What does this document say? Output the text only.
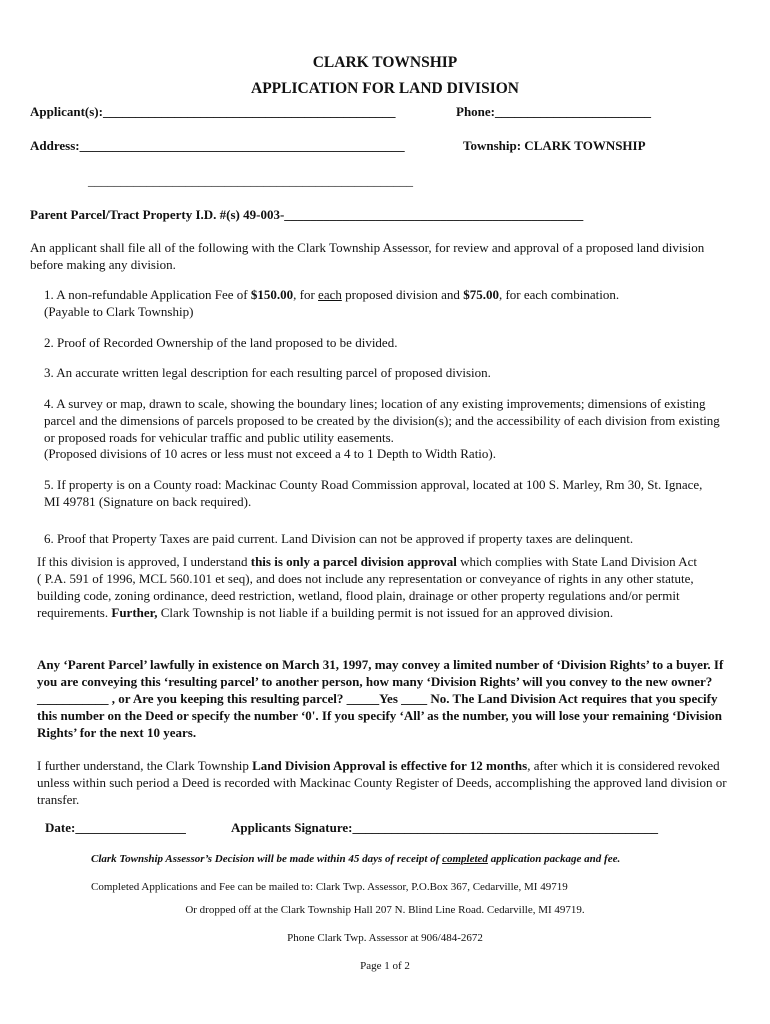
CLARK TOWNSHIP
APPLICATION FOR LAND DIVISION
Applicant(s):_____________________________________________	Phone:________________________
Address:__________________________________________________	Township: CLARK TOWNSHIP
__________________________________________________
Parent Parcel/Tract Property I.D. #(s) 49-003-______________________________________________
An applicant shall file all of the following with the Clark Township Assessor, for review and approval of a proposed land division before making any division.
1. A non-refundable Application Fee of $150.00, for each proposed division and $75.00, for each combination.
(Payable to Clark Township)
2. Proof of Recorded Ownership of the land proposed to be divided.
3. An accurate written legal description for each resulting parcel of proposed division.
4. A survey or map, drawn to scale, showing the boundary lines; location of any existing improvements; dimensions of existing parcel and the dimensions of parcels proposed to be created by the division(s); and the accessibility of each division from existing or proposed roads for vehicular traffic and public utility easements.
(Proposed divisions of 10 acres or less must not exceed a 4 to 1 Depth to Width Ratio).
5. If property is on a County road: Mackinac County Road Commission approval, located at 100 S. Marley, Rm 30, St. Ignace, MI 49781 (Signature on back required).
6. Proof that Property Taxes are paid current. Land Division can not be approved if property taxes are delinquent.
If this division is approved, I understand this is only a parcel division approval which complies with State Land Division Act ( P.A. 591 of 1996, MCL 560.101 et seq), and does not include any representation or conveyance of rights in any other statute, building code, zoning ordinance, deed restriction, wetland, flood plain, drainage or other property regulations and/or permit requirements. Further, Clark Township is not liable if a building permit is not issued for an approved division.
Any ‘Parent Parcel’ lawfully in existence on March 31, 1997, may convey a limited number of ‘Division Rights’ to a buyer. If you are conveying this ‘resulting parcel’ to another person, how many ‘Division Rights’ will you convey to the new owner?___________ , or Are you keeping this resulting parcel? _____Yes ____ No. The Land Division Act requires that you specify this number on the Deed or specify the number ‘0'. If you specify ‘All’ as the number, you will lose your remaining ‘Division Rights’ for the next 10 years.
I further understand, the Clark Township Land Division Approval is effective for 12 months, after which it is considered revoked unless within such period a Deed is recorded with Mackinac County Register of Deeds, accomplishing the approved land division or transfer.
Date:_________________	Applicants Signature:_______________________________________________
Clark Township Assessor’s Decision will be made within 45 days of receipt of completed application package and fee.
Completed Applications and Fee can be mailed to: Clark Twp. Assessor, P.O.Box 367, Cedarville, MI 49719
Or dropped off at the Clark Township Hall 207 N. Blind Line Road. Cedarville, MI 49719.
Phone Clark Twp. Assessor at 906/484-2672
Page 1 of 2
